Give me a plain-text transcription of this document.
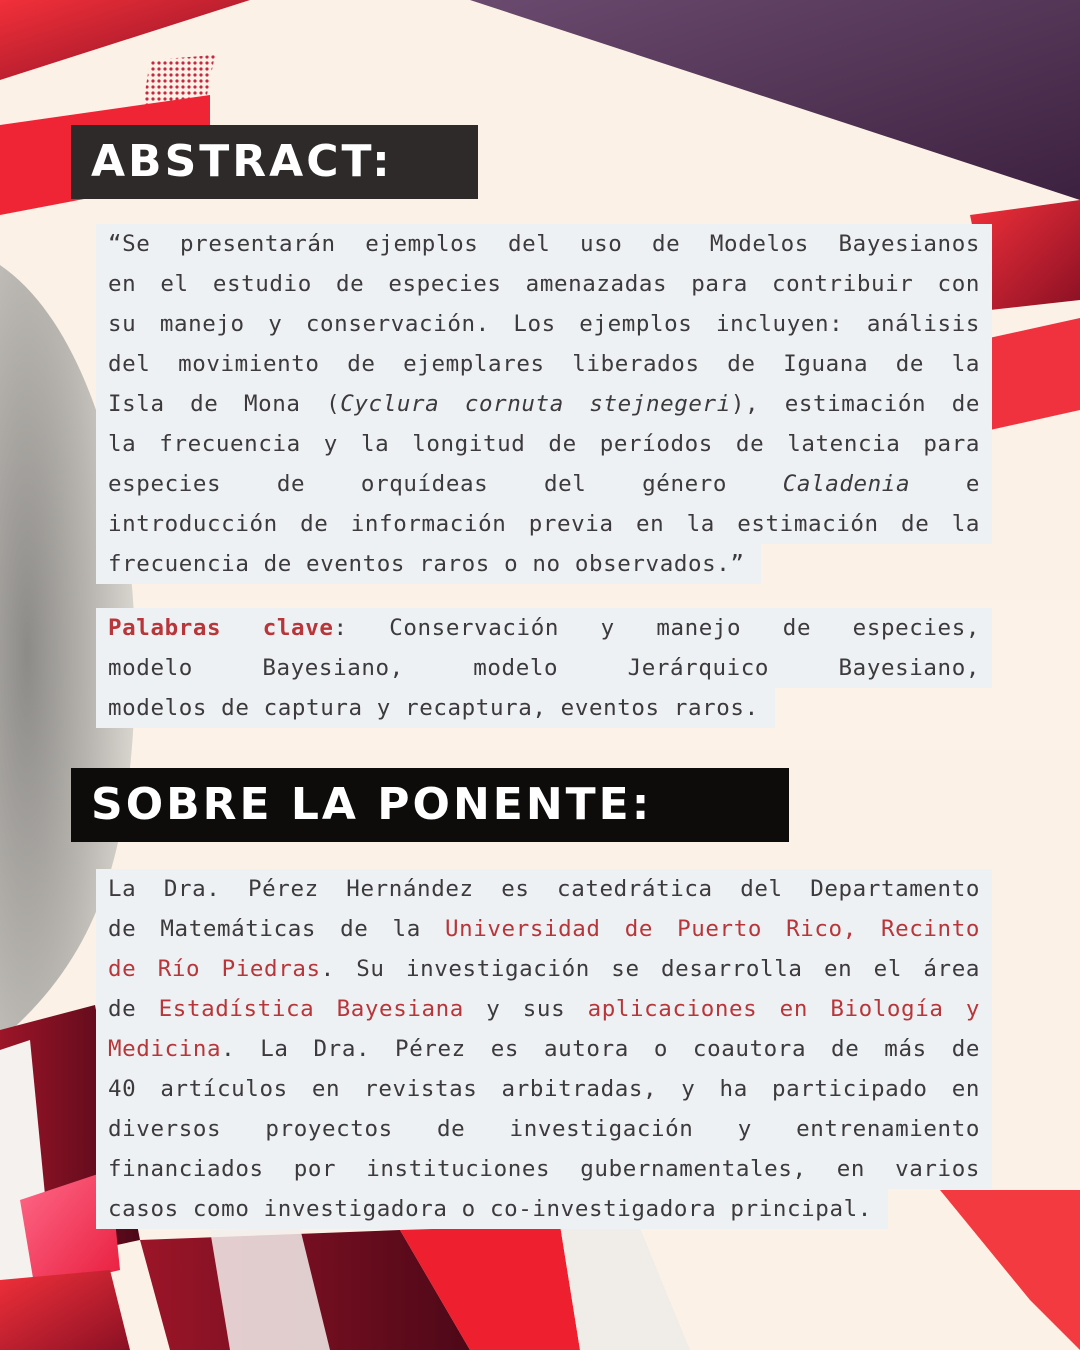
ABSTRACT:
“Se presentarán ejemplos del uso de Modelos Bayesianos
en el estudio de especies amenazadas para contribuir con
su manejo y conservación. Los ejemplos incluyen: análisis
del movimiento de ejemplares liberados de Iguana de la
Isla de Mona (Cyclura cornuta stejnegeri), estimación de
la frecuencia y la longitud de períodos de latencia para
especies de orquídeas del género Caladenia e
introducción de información previa en la estimación de la
frecuencia de eventos raros o no observados.”
Palabras clave: Conservación y manejo de especies,
modelo Bayesiano, modelo Jerárquico Bayesiano,
modelos de captura y recaptura, eventos raros.
SOBRE LA PONENTE:
La Dra. Pérez Hernández es catedrática del Departamento
de Matemáticas de la Universidad de Puerto Rico, Recinto
de Río Piedras. Su investigación se desarrolla en el área
de Estadística Bayesiana y sus aplicaciones en Biología y
Medicina. La Dra. Pérez es autora o coautora de más de
40 artículos en revistas arbitradas, y ha participado en
diversos proyectos de investigación y entrenamiento
financiados por instituciones gubernamentales, en varios
casos como investigadora o co-investigadora principal.
